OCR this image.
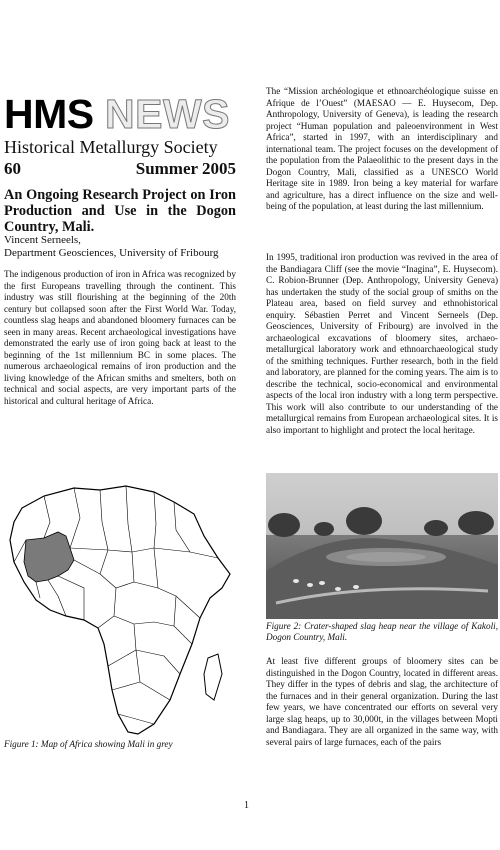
HMS NEWS
Historical Metallurgy Society
60	Summer 2005
An Ongoing Research Project on Iron Production and Use in the Dogon Country, Mali.
Vincent Serneels,
Department Geosciences, University of Fribourg

The indigenous production of iron in Africa was recognized by the first Europeans travelling through the continent. This industry was still flourishing at the beginning of the 20th century but collapsed soon after the First World War. Today, countless slag heaps and abandoned bloomery furnaces can be seen in many areas. Recent archaeological investigations have demonstrated the early use of iron going back at least to the beginning of the 1st millennium BC in some places. The numerous archaeological remains of iron production and the living knowledge of the African smiths and smelters, both on technical and social aspects, are very important parts of the historical and cultural heritage of Africa.

Figure 1: Map of Africa showing Mali in grey

The “Mission archéologique et ethnoarchéologique suisse en Afrique de l’Ouest” (MAESAO — E. Huysecom, Dep. Anthropology, University of Geneva), is leading the research project “Human population and paleoenvironment in West Africa”, started in 1997, with an interdisciplinary and international team. The project focuses on the development of the population from the Palaeolithic to the present days in the Dogon Country, Mali, classified as a UNESCO World Heritage site in 1989. Iron being a key material for warfare and agriculture, has a direct influence on the size and well-being of the population, at least during the last millennium.

In 1995, traditional iron production was revived in the area of the Bandiagara Cliff (see the movie “Inagina”, E. Huysecom). C. Robion-Brunner (Dep. Anthropology, University Geneva) has undertaken the study of the social group of smiths on the Plateau area, based on field survey and ethnohistorical enquiry. Sébastien Perret and Vincent Serneels (Dep. Geosciences, University of Fribourg) are involved in the archaeological excavations of bloomery sites, archaeo-metallurgical laboratory work and ethnoarchaeological study of the smithing techniques. Further research, both in the field and laboratory, are planned for the coming years. The aim is to describe the technical, socio-economical and environmental aspects of the local iron industry with a long term perspective. This work will also contribute to our understanding of the metallurgical remains from European archaeological sites. It is also important to highlight and protect the local heritage.

Figure 2: Crater-shaped slag heap near the village of Kakoli, Dogon Country, Mali.

At least five different groups of bloomery sites can be distinguished in the Dogon Country, located in different areas. They differ in the types of debris and slag, the architecture of the furnaces and in their general organization. During the last few years, we have concentrated our efforts on several very large slag heaps, up to 30,000t, in the villages between Mopti and Bandiagara. They are all organized in the same way, with several pairs of large furnaces, each of the pairs

1
